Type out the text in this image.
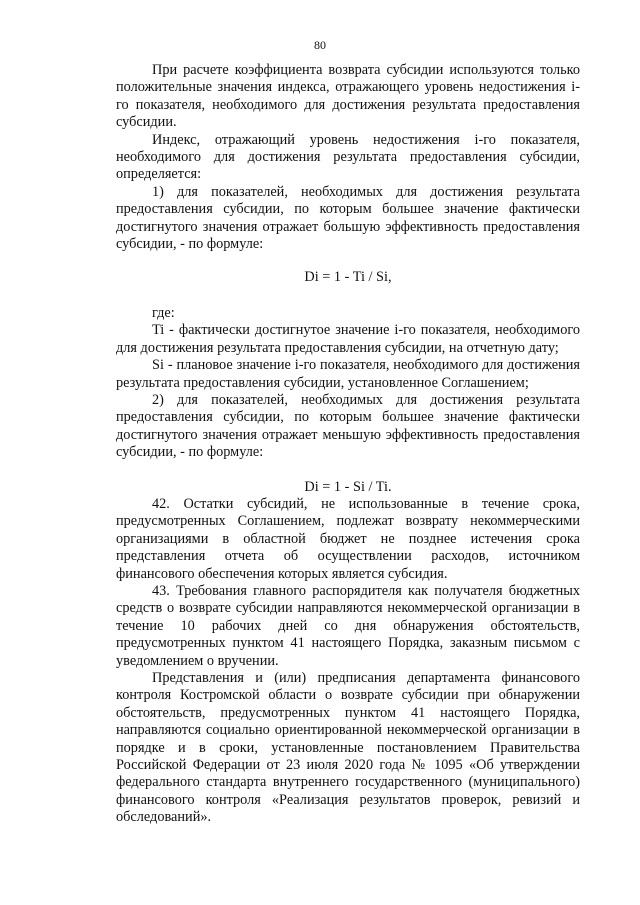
80

При расчете коэффициента возврата субсидии используются только положительные значения индекса, отражающего уровень недостижения i-го показателя, необходимого для достижения результата предоставления субсидии.

Индекс, отражающий уровень недостижения i-го показателя, необходимого для достижения результата предоставления субсидии, определяется:

1) для показателей, необходимых для достижения результата предоставления субсидии, по которым большее значение фактически достигнутого значения отражает большую эффективность предоставления субсидии, - по формуле:

Di = 1 - Ti / Si,

где:

Ti - фактически достигнутое значение i-го показателя, необходимого для достижения результата предоставления субсидии, на отчетную дату;

Si - плановое значение i-го показателя, необходимого для достижения результата предоставления субсидии, установленное Соглашением;

2) для показателей, необходимых для достижения результата предоставления субсидии, по которым большее значение фактически достигнутого значения отражает меньшую эффективность предоставления субсидии, - по формуле:

Di = 1 - Si / Ti.

42. Остатки субсидий, не использованные в течение срока, предусмотренных Соглашением, подлежат возврату некоммерческими организациями в областной бюджет не позднее истечения срока представления отчета об осуществлении расходов, источником финансового обеспечения которых является субсидия.

43. Требования главного распорядителя как получателя бюджетных средств о возврате субсидии направляются некоммерческой организации в течение 10 рабочих дней со дня обнаружения обстоятельств, предусмотренных пунктом 41 настоящего Порядка, заказным письмом с уведомлением о вручении.

Представления и (или) предписания департамента финансового контроля Костромской области о возврате субсидии при обнаружении обстоятельств, предусмотренных пунктом 41 настоящего Порядка, направляются социально ориентированной некоммерческой организации в порядке и в сроки, установленные постановлением Правительства Российской Федерации от 23 июля 2020 года № 1095 «Об утверждении федерального стандарта внутреннего государственного (муниципального) финансового контроля «Реализация результатов проверок, ревизий и обследований».
